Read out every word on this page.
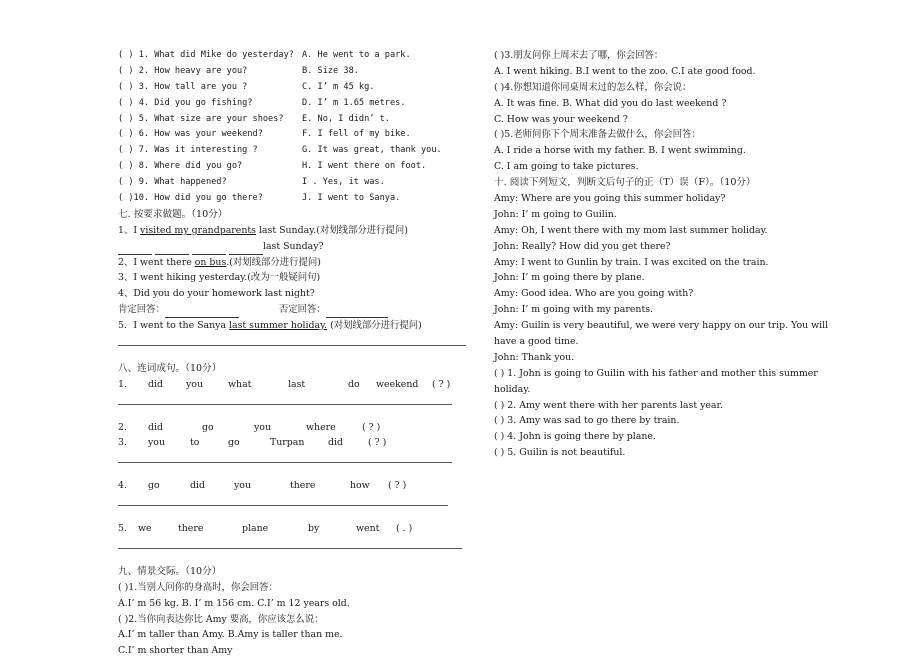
( ) 1. What did Mike do yesterday? A. He went to a park.
( ) 2. How heavy are you?	B. Size 38.
( ) 3. How tall are you ?	C. I’ m 45 kg.
( ) 4. Did you go fishing?	D. I’ m 1.65 metres.
( ) 5. What size are your shoes? E. No, I didn’ t.
( ) 6. How was your weekend?	F. I fell of my bike.
( ) 7. Was it interesting ?	G. It was great, thank you.
( ) 8. Where did you go?	H. I went there on foot.
( ) 9. What happened?	I . Yes, it was.
( )10. How did you go there?	J. I went to Sanya.
七. 按要求做题。（10分）
1、I visited my grandparents last Sunday.(对划线部分进行提问)
last Sunday?
2、I went there on bus.(对划线部分进行提问)
3、I went hiking yesterday.(改为一般疑问句)
4、Did you do your homework last night?
肯定回答：	否定回答：
5．I went to the Sanya last summer holiday. (对划线部分进行提问)
八、连词成句。（10分）
1. did you	what	last	do weekend ( ? )
2. did	go	you	where	( ? )
3. you	to	go	Turpan	did	( ? )
4. go	did	you	there	how ( ? )
5. we	there	plane	by	went ( . )
九、情景交际。（10分）
( )1.当别人问你的身高时，你会回答：
A.I’ m 56 kg. B. I’ m 156 cm. C.I’ m 12 years old.
( )2.当你向表达你比 Amy 要高，你应该怎么说：
A.I’ m taller than Amy. B.Amy is taller than me.
C.I’ m shorter than Amy
( )3.朋友问你上周末去了哪，你会回答：
A. I went hiking. B.I went to the zoo. C.I ate good food.
( )4.你想知道你同桌周末过的怎么样，你会说：
A. It was fine. B. What did you do last weekend ?
C. How was your weekend ?
( )5.老师问你下个周末准备去做什么，你会回答：
A. I ride a horse with my father. B. I went swimming.
C. I am going to take pictures.
十. 阅读下列短文，判断文后句子的正（T）误（F）。（10分）
Amy: Where are you going this summer holiday?
John: I’ m going to Guilin.
Amy: Oh, I went there with my mom last summer holiday.
John: Really? How did you get there?
Amy: I went to Gunlin by train. I was excited on the train.
John: I’ m going there by plane.
Amy: Good idea. Who are you going with?
John: I’ m going with my parents.
Amy: Guilin is very beautiful, we were very happy on our trip. You will
have a good time.
John: Thank you.
( ) 1. John is going to Guilin with his father and mother this summer
holiday.
( ) 2. Amy went there with her parents last year.
( ) 3. Amy was sad to go there by train.
( ) 4. John is going there by plane.
( ) 5. Guilin is not beautiful.
